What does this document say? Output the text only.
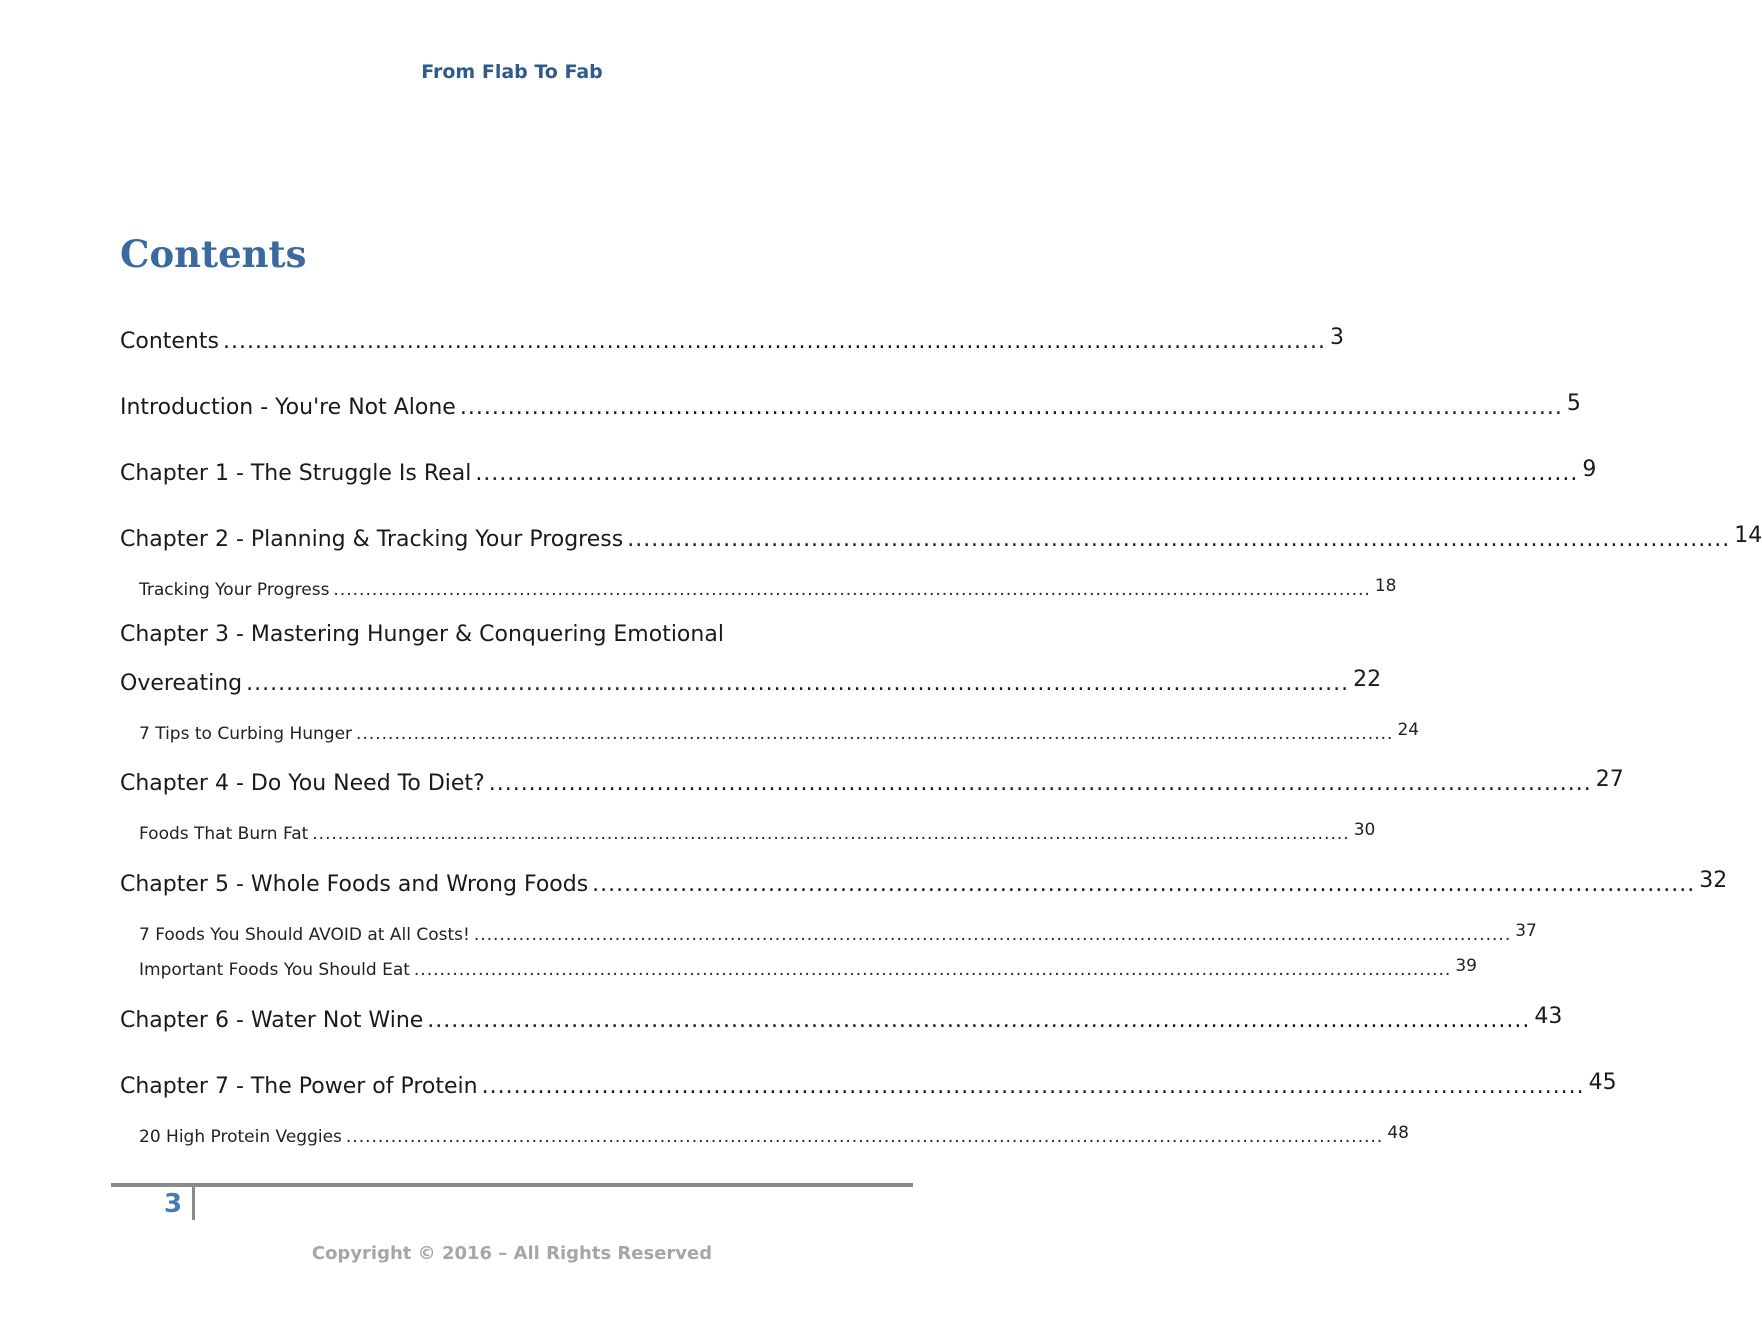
From Flab To Fab
Contents
Contents .......................................................................................................................................... 3
Introduction - You're Not Alone .......................................................................................................................................... 5
Chapter 1 - The Struggle Is Real .......................................................................................................................................... 9
Chapter 2 - Planning & Tracking Your Progress .......................................................................................................................................... 14
Tracking Your Progress .................................................................................................................................................................. 18
Chapter 3 - Mastering Hunger & Conquering Emotional
Overeating .......................................................................................................................................... 22
7 Tips to Curbing Hunger .................................................................................................................................................................. 24
Chapter 4 - Do You Need To Diet? .......................................................................................................................................... 27
Foods That Burn Fat .................................................................................................................................................................. 30
Chapter 5 - Whole Foods and Wrong Foods .......................................................................................................................................... 32
7 Foods You Should AVOID at All Costs! .................................................................................................................................................................. 37
Important Foods You Should Eat .................................................................................................................................................................. 39
Chapter 6 - Water Not Wine .......................................................................................................................................... 43
Chapter 7 - The Power of Protein .......................................................................................................................................... 45
20 High Protein Veggies .................................................................................................................................................................. 48
3
Copyright © 2016 – All Rights Reserved
